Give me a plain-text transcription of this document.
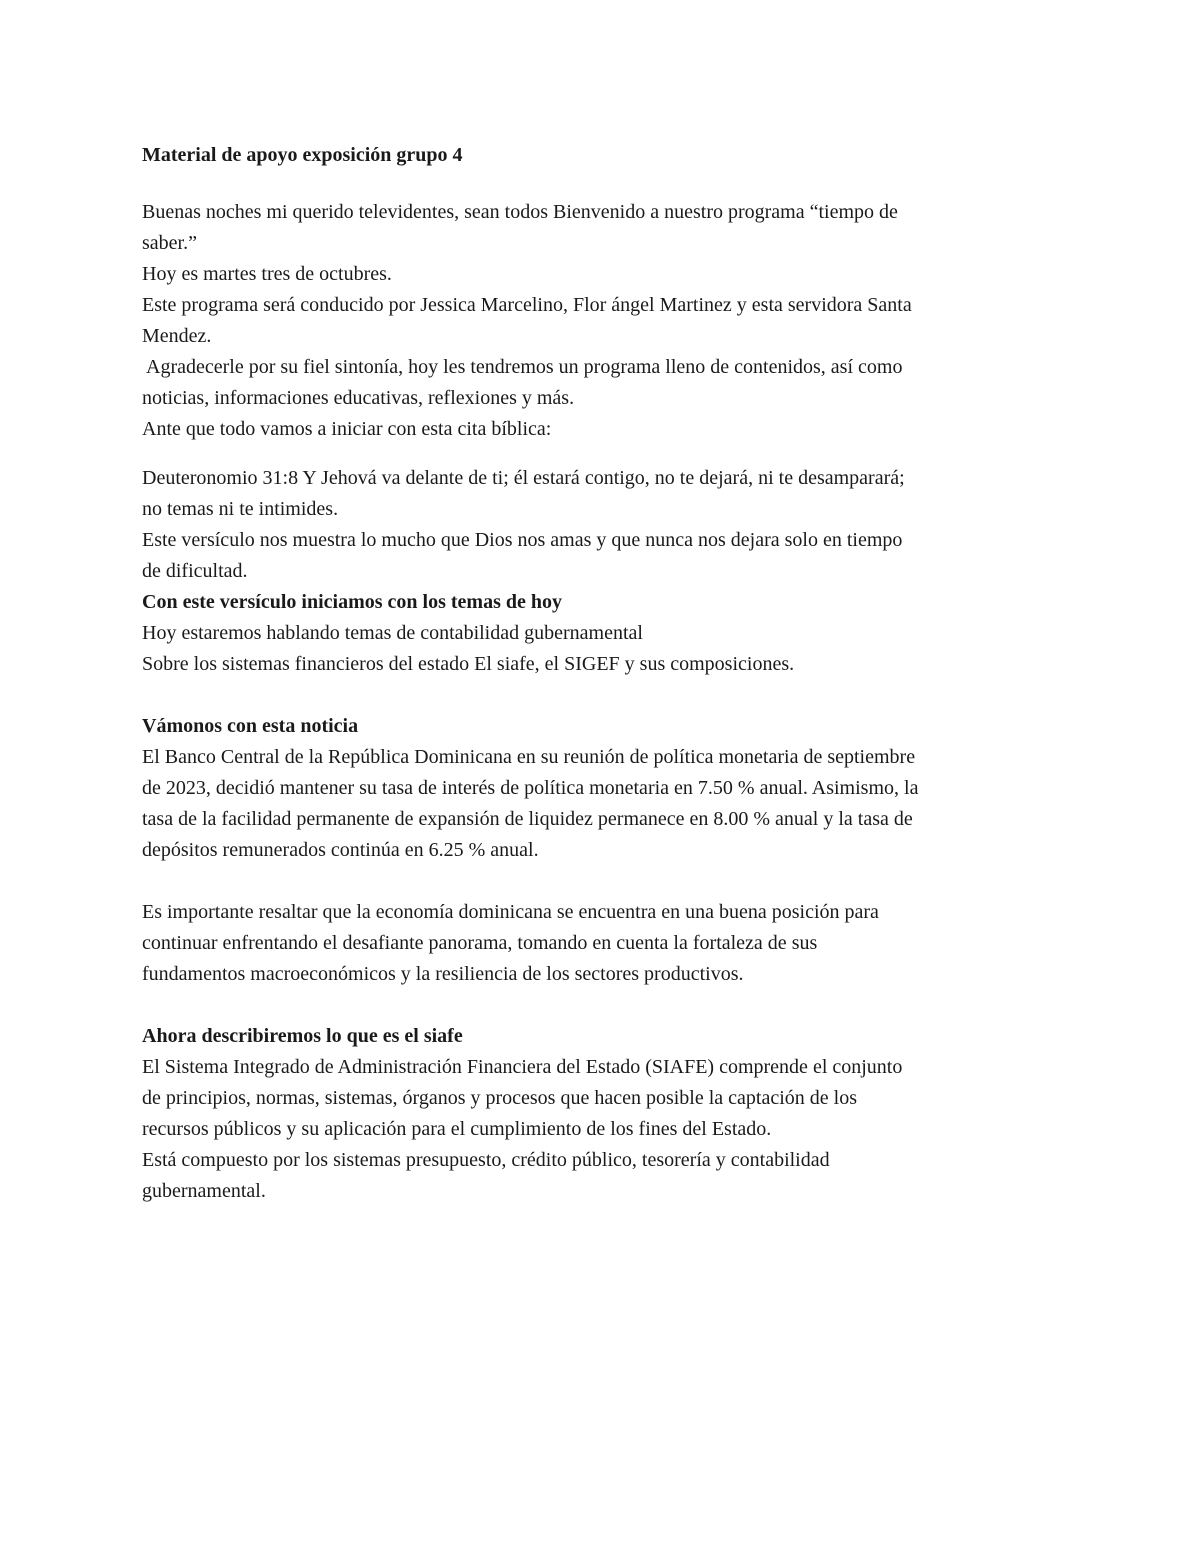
Material de apoyo exposición grupo 4
Buenas noches mi querido televidentes, sean todos Bienvenido a nuestro programa “tiempo de
saber.”
Hoy es martes tres de octubres.
Este programa será conducido por Jessica Marcelino, Flor ángel Martinez y esta servidora Santa
Mendez.
Agradecerle por su fiel sintonía, hoy les tendremos un programa lleno de contenidos, así como
noticias, informaciones educativas, reflexiones y más.
Ante que todo vamos a iniciar con esta cita bíblica:
Deuteronomio 31:8 Y Jehová va delante de ti; él estará contigo, no te dejará, ni te desamparará;
no temas ni te intimides.
Este versículo nos muestra lo mucho que Dios nos amas y que nunca nos dejara solo en tiempo
de dificultad.
Con este versículo iniciamos con los temas de hoy
Hoy estaremos hablando temas de contabilidad gubernamental
Sobre los sistemas financieros del estado El siafe, el SIGEF y sus composiciones.
Vámonos con esta noticia
El Banco Central de la República Dominicana en su reunión de política monetaria de septiembre
de 2023, decidió mantener su tasa de interés de política monetaria en 7.50 % anual. Asimismo, la
tasa de la facilidad permanente de expansión de liquidez permanece en 8.00 % anual y la tasa de
depósitos remunerados continúa en 6.25 % anual.
Es importante resaltar que la economía dominicana se encuentra en una buena posición para
continuar enfrentando el desafiante panorama, tomando en cuenta la fortaleza de sus
fundamentos macroeconómicos y la resiliencia de los sectores productivos.
Ahora describiremos lo que es el siafe
El Sistema Integrado de Administración Financiera del Estado (SIAFE) comprende el conjunto
de principios, normas, sistemas, órganos y procesos que hacen posible la captación de los
recursos públicos y su aplicación para el cumplimiento de los fines del Estado.
Está compuesto por los sistemas presupuesto, crédito público, tesorería y contabilidad
gubernamental.
